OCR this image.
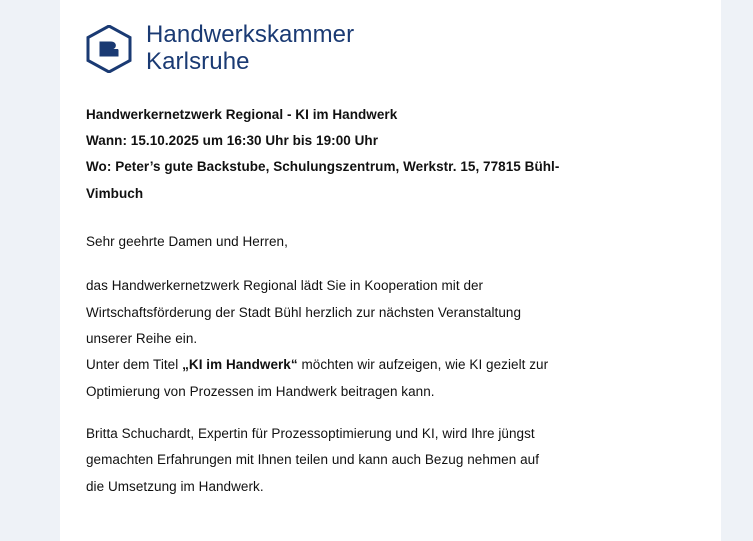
Handwerkskammer
Karlsruhe
Handwerkernetzwerk Regional - KI im Handwerk
Wann: 15.10.2025 um 16:30 Uhr bis 19:00 Uhr
Wo: Peter’s gute Backstube, Schulungszentrum, Werkstr. 15, 77815 Bühl-
Vimbuch
Sehr geehrte Damen und Herren,
das Handwerkernetzwerk Regional lädt Sie in Kooperation mit der
Wirtschaftsförderung der Stadt Bühl herzlich zur nächsten Veranstaltung
unserer Reihe ein.
Unter dem Titel „KI im Handwerk“ möchten wir aufzeigen, wie KI gezielt zur
Optimierung von Prozessen im Handwerk beitragen kann.
Britta Schuchardt, Expertin für Prozessoptimierung und KI, wird Ihre jüngst
gemachten Erfahrungen mit Ihnen teilen und kann auch Bezug nehmen auf
die Umsetzung im Handwerk.
